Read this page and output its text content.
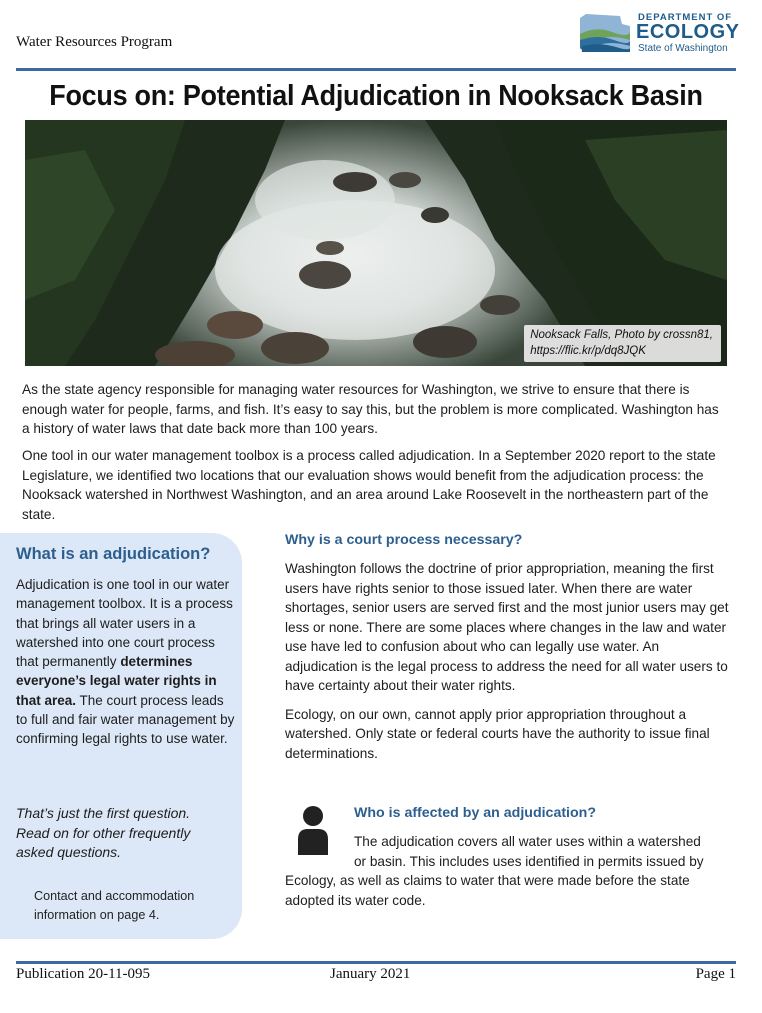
Water Resources Program
DEPARTMENT OF
ECOLOGY
State of Washington
Focus on: Potential Adjudication in Nooksack Basin
Nooksack Falls, Photo by crossn81,
https://flic.kr/p/dq8JQK
As the state agency responsible for managing water resources for Washington, we strive to ensure that there is enough water for people, farms, and fish. It’s easy to say this, but the problem is more complicated. Washington has a history of water laws that date back more than 100 years.
One tool in our water management toolbox is a process called adjudication. In a September 2020 report to the state Legislature, we identified two locations that our evaluation shows would benefit from the adjudication process: the Nooksack watershed in Northwest Washington, and an area around Lake Roosevelt in the northeastern part of the state.
What is an adjudication?
Adjudication is one tool in our water management toolbox. It is a process that brings all water users in a watershed into one court process that permanently determines everyone’s legal water rights in that area. The court process leads to full and fair water management by confirming legal rights to use water.
That’s just the first question. Read on for other frequently asked questions.
Contact and accommodation information on page 4.
Why is a court process necessary?
Washington follows the doctrine of prior appropriation, meaning the first users have rights senior to those issued later. When there are water shortages, senior users are served first and the most junior users may get less or none. There are some places where changes in the law and water use have led to confusion about who can legally use water. An adjudication is the legal process to address the need for all water users to have certainty about their water rights.
Ecology, on our own, cannot apply prior appropriation throughout a watershed. Only state or federal courts have the authority to issue final determinations.
Who is affected by an adjudication?
The adjudication covers all water uses within a watershed
or basin. This includes uses identified in permits issued by
Ecology, as well as claims to water that were made before the state adopted its water code.
Publication 20-11-095	January 2021	Page 1
